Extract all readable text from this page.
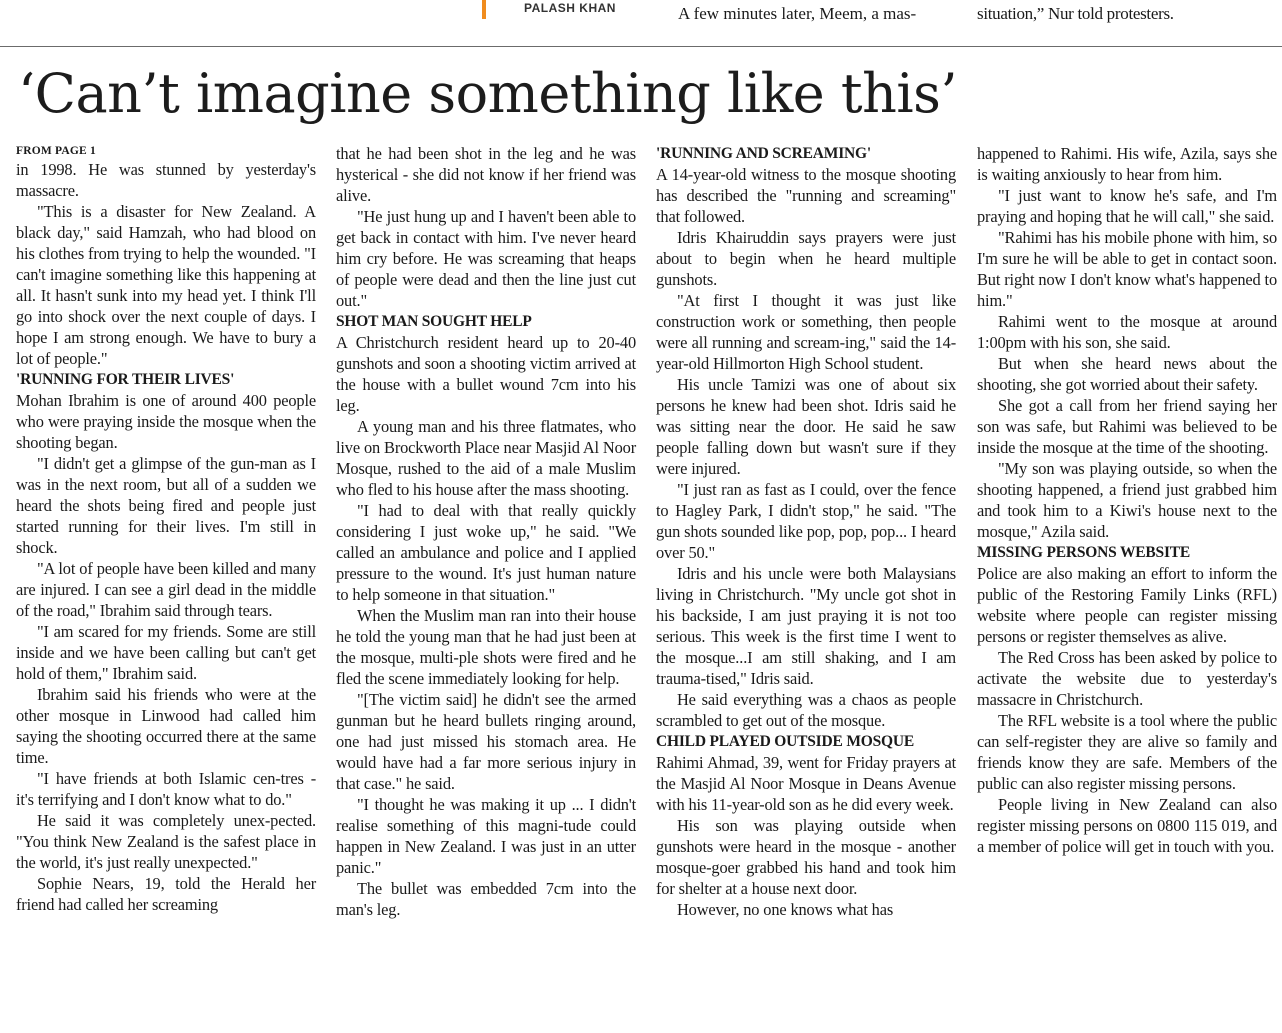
PALASH KHAN	A few minutes later, Meem, a mas-	situation,” Nur told protesters.
‘Can’t imagine something like this’
FROM PAGE 1

in 1998. He was stunned by yesterday's massacre.

"This is a disaster for New Zealand. A black day," said Hamzah, who had blood on his clothes from trying to help the wounded. "I can't imagine something like this happening at all. It hasn't sunk into my head yet. I think I'll go into shock over the next couple of days. I hope I am strong enough. We have to bury a lot of people."

'RUNNING FOR THEIR LIVES'

Mohan Ibrahim is one of around 400 people who were praying inside the mosque when the shooting began.

"I didn't get a glimpse of the gun-man as I was in the next room, but all of a sudden we heard the shots being fired and people just started running for their lives. I'm still in shock.

"A lot of people have been killed and many are injured. I can see a girl dead in the middle of the road," Ibrahim said through tears.

"I am scared for my friends. Some are still inside and we have been calling but can't get hold of them," Ibrahim said.

Ibrahim said his friends who were at the other mosque in Linwood had called him saying the shooting occurred there at the same time.

"I have friends at both Islamic cen-tres - it's terrifying and I don't know what to do."

He said it was completely unex-pected. "You think New Zealand is the safest place in the world, it's just really unexpected."

Sophie Nears, 19, told the Herald her friend had called her screaming

that he had been shot in the leg and he was hysterical - she did not know if her friend was alive.

"He just hung up and I haven't been able to get back in contact with him. I've never heard him cry before. He was screaming that heaps of people were dead and then the line just cut out."

SHOT MAN SOUGHT HELP

A Christchurch resident heard up to 20-40 gunshots and soon a shooting victim arrived at the house with a bullet wound 7cm into his leg.

A young man and his three flatmates, who live on Brockworth Place near Masjid Al Noor Mosque, rushed to the aid of a male Muslim who fled to his house after the mass shooting.

"I had to deal with that really quickly considering I just woke up," he said. "We called an ambulance and police and I applied pressure to the wound. It's just human nature to help someone in that situation."

When the Muslim man ran into their house he told the young man that he had just been at the mosque, multi-ple shots were fired and he fled the scene immediately looking for help.

"[The victim said] he didn't see the armed gunman but he heard bullets ringing around, one had just missed his stomach area. He would have had a far more serious injury in that case." he said.

"I thought he was making it up ... I didn't realise something of this magni-tude could happen in New Zealand. I was just in an utter panic."

The bullet was embedded 7cm into the man's leg.

'RUNNING AND SCREAMING'

A 14-year-old witness to the mosque shooting has described the "running and screaming" that followed.

Idris Khairuddin says prayers were just about to begin when he heard multiple gunshots.

"At first I thought it was just like construction work or something, then people were all running and scream-ing," said the 14-year-old Hillmorton High School student.

His uncle Tamizi was one of about six persons he knew had been shot. Idris said he was sitting near the door. He said he saw people falling down but wasn't sure if they were injured.

"I just ran as fast as I could, over the fence to Hagley Park, I didn't stop," he said. "The gun shots sounded like pop, pop, pop... I heard over 50."

Idris and his uncle were both Malaysians living in Christchurch. "My uncle got shot in his backside, I am just praying it is not too serious. This week is the first time I went to the mosque...I am still shaking, and I am trauma-tised," Idris said.

He said everything was a chaos as people scrambled to get out of the mosque.

CHILD PLAYED OUTSIDE MOSQUE

Rahimi Ahmad, 39, went for Friday prayers at the Masjid Al Noor Mosque in Deans Avenue with his 11-year-old son as he did every week.

His son was playing outside when gunshots were heard in the mosque - another mosque-goer grabbed his hand and took him for shelter at a house next door.

However, no one knows what has

happened to Rahimi. His wife, Azila, says she is waiting anxiously to hear from him.

"I just want to know he's safe, and I'm praying and hoping that he will call," she said.

"Rahimi has his mobile phone with him, so I'm sure he will be able to get in contact soon. But right now I don't know what's happened to him."

Rahimi went to the mosque at around 1:00pm with his son, she said.

But when she heard news about the shooting, she got worried about their safety.

She got a call from her friend saying her son was safe, but Rahimi was believed to be inside the mosque at the time of the shooting.

"My son was playing outside, so when the shooting happened, a friend just grabbed him and took him to a Kiwi's house next to the mosque," Azila said.

MISSING PERSONS WEBSITE

Police are also making an effort to inform the public of the Restoring Family Links (RFL) website where people can register missing persons or register themselves as alive.

The Red Cross has been asked by police to activate the website due to yesterday's massacre in Christchurch.

The RFL website is a tool where the public can self-register they are alive so family and friends know they are safe. Members of the public can also register missing persons.

People living in New Zealand can also register missing persons on 0800 115 019, and a member of police will get in touch with you.
